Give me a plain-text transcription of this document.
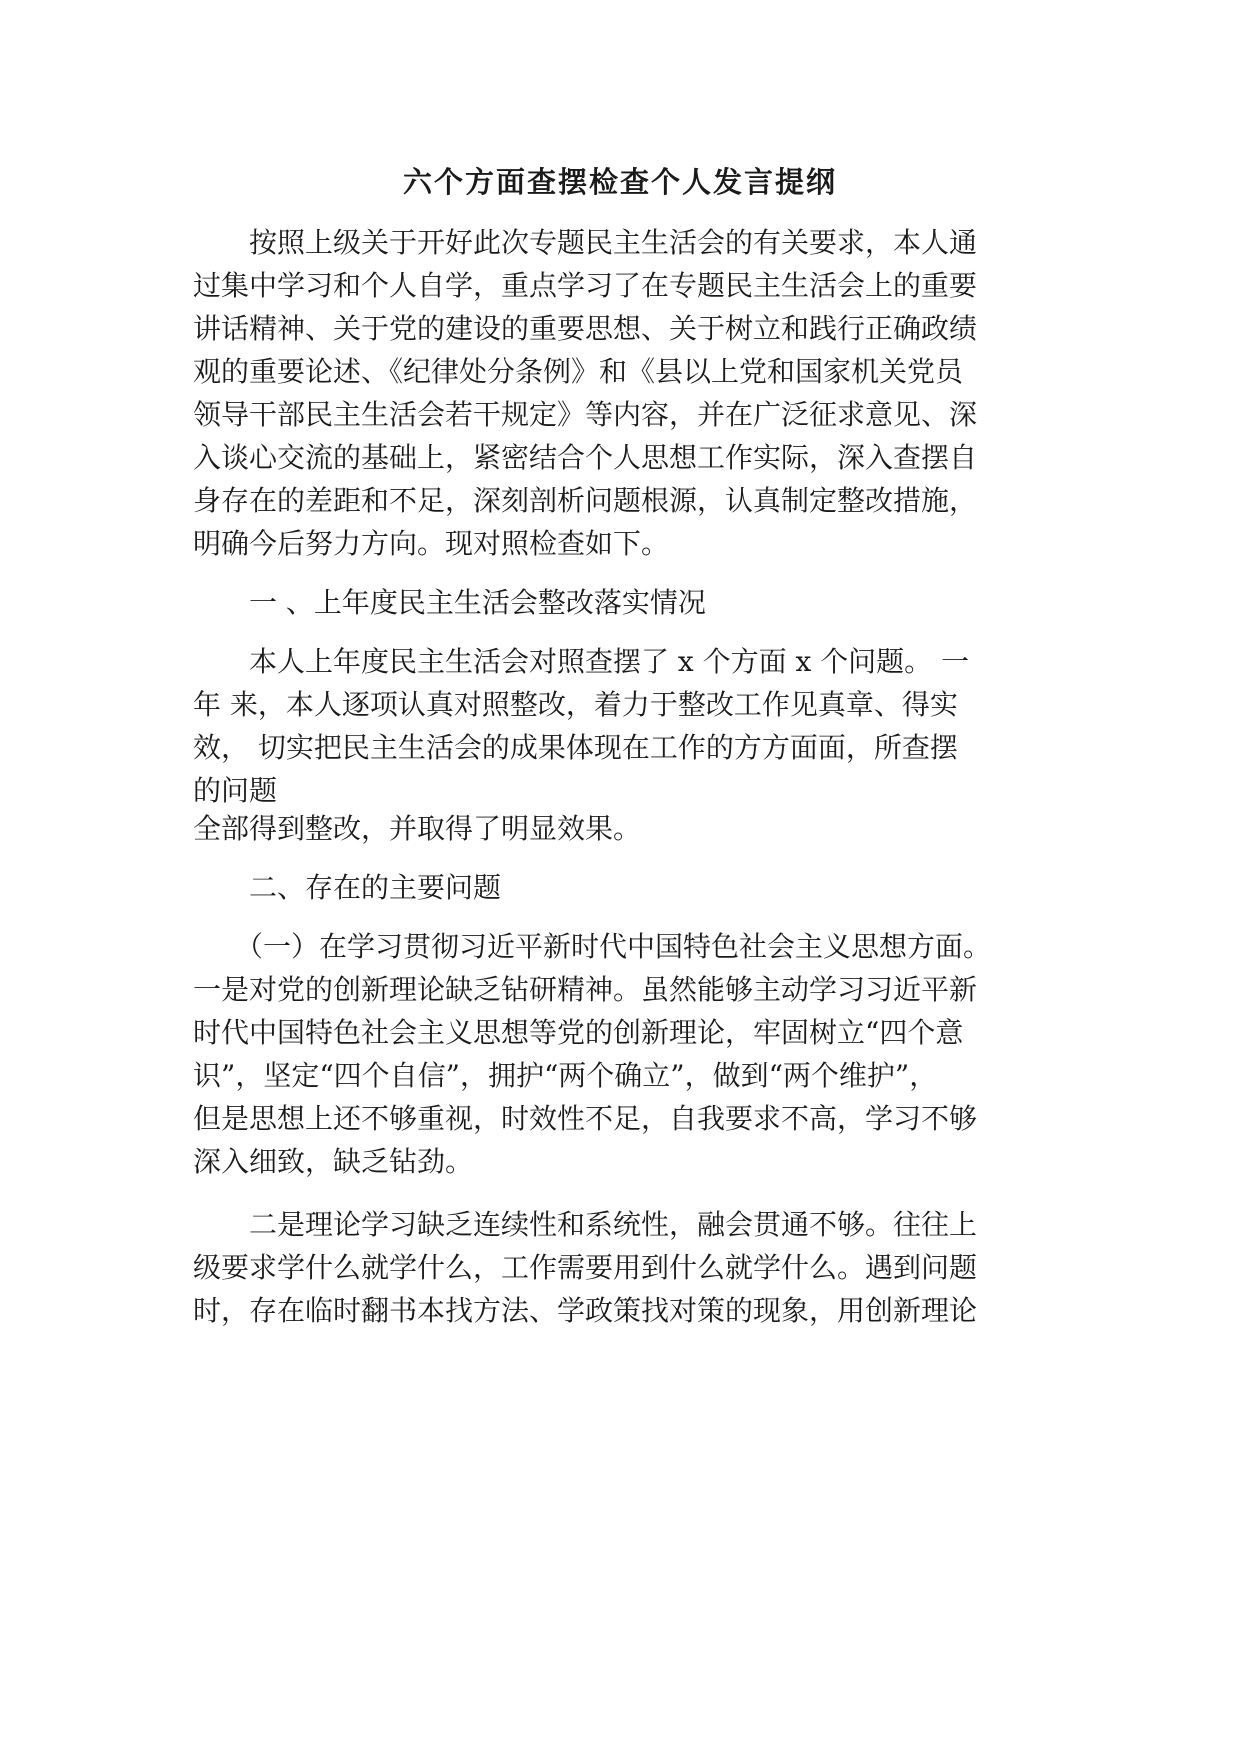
六个方面查摆检查个人发言提纲

　　按照上级关于开好此次专题民主生活会的有关要求，本人通

过集中学习和个人自学，重点学习了在专题民主生活会上的重要

讲话精神、关于党的建设的重要思想、关于树立和践行正确政绩

观的重要论述、《纪律处分条例》和《县以上党和国家机关党员

领导干部民主生活会若干规定》等内容，并在广泛征求意见、深

入谈心交流的基础上，紧密结合个人思想工作实际，深入查摆自

身存在的差距和不足，深刻剖析问题根源，认真制定整改措施，

明确今后努力方向。现对照检查如下。

　　一 、上年度民主生活会整改落实情况

　　本人上年度民主生活会对照查摆了 x 个方面 x 个问题。 一

年 来，本人逐项认真对照整改，着力于整改工作见真章、得实

效， 切实把民主生活会的成果体现在工作的方方面面，所查摆

的问题

全部得到整改，并取得了明显效果。

　　二、存在的主要问题

　　（一）在学习贯彻习近平新时代中国特色社会主义思想方面。

一是对党的创新理论缺乏钻研精神。虽然能够主动学习习近平新

时代中国特色社会主义思想等党的创新理论，牢固树立“四个意

识”，坚定“四个自信”，拥护“两个确立”，做到“两个维护”，

但是思想上还不够重视，时效性不足，自我要求不高，学习不够

深入细致，缺乏钻劲。

　　二是理论学习缺乏连续性和系统性，融会贯通不够。往往上

级要求学什么就学什么，工作需要用到什么就学什么。遇到问题

时，存在临时翻书本找方法、学政策找对策的现象，用创新理论
